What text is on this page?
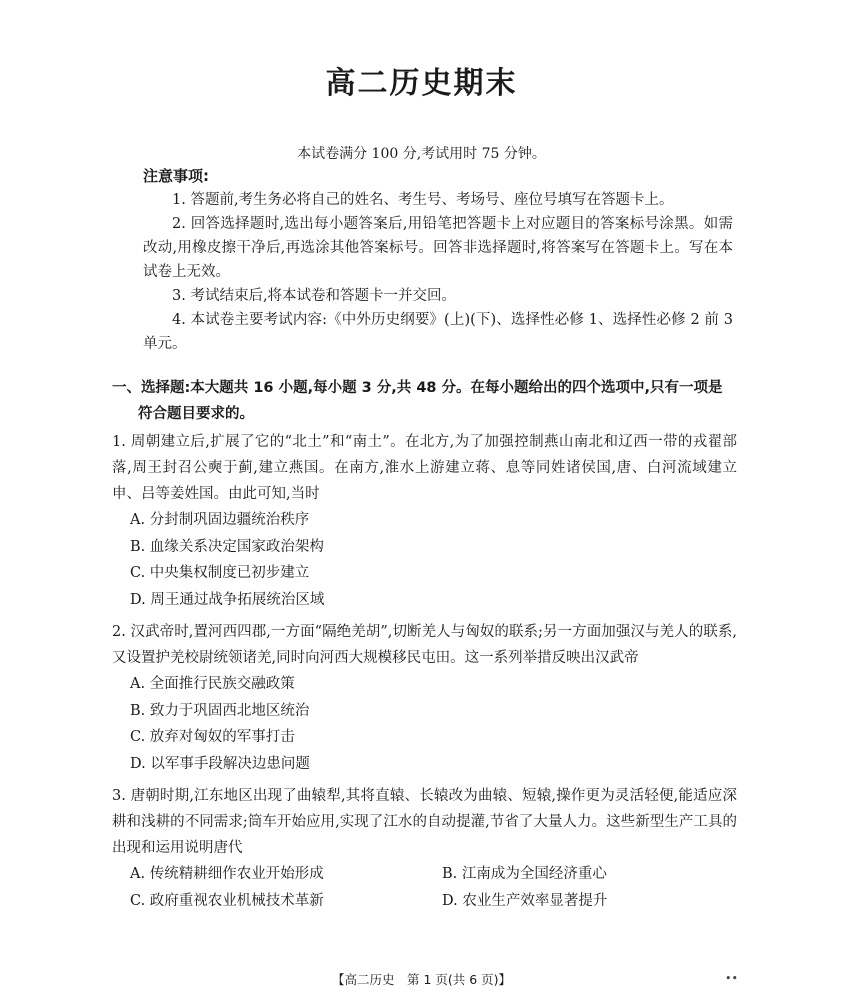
高二历史期末
本试卷满分 100 分,考试用时 75 分钟。
注意事项:
1. 答题前,考生务必将自己的姓名、考生号、考场号、座位号填写在答题卡上。
2. 回答选择题时,选出每小题答案后,用铅笔把答题卡上对应题目的答案标号涂黑。如需改动,用橡皮擦干净后,再选涂其他答案标号。回答非选择题时,将答案写在答题卡上。写在本试卷上无效。
3. 考试结束后,将本试卷和答题卡一并交回。
4. 本试卷主要考试内容:《中外历史纲要》(上)(下)、选择性必修 1、选择性必修 2 前 3 单元。
一、选择题:本大题共 16 小题,每小题 3 分,共 48 分。在每小题给出的四个选项中,只有一项是
符合题目要求的。
1. 周朝建立后,扩展了它的“北土”和“南土”。在北方,为了加强控制燕山南北和辽西一带的戎翟部落,周王封召公奭于蓟,建立燕国。在南方,淮水上游建立蒋、息等同姓诸侯国,唐、白河流域建立申、吕等姜姓国。由此可知,当时
A. 分封制巩固边疆统治秩序
B. 血缘关系决定国家政治架构
C. 中央集权制度已初步建立
D. 周王通过战争拓展统治区域
2. 汉武帝时,置河西四郡,一方面“隔绝羌胡”,切断羌人与匈奴的联系;另一方面加强汉与羌人的联系,又设置护羌校尉统领诸羌,同时向河西大规模移民屯田。这一系列举措反映出汉武帝
A. 全面推行民族交融政策
B. 致力于巩固西北地区统治
C. 放弃对匈奴的军事打击
D. 以军事手段解决边患问题
3. 唐朝时期,江东地区出现了曲辕犁,其将直辕、长辕改为曲辕、短辕,操作更为灵活轻便,能适应深耕和浅耕的不同需求;筒车开始应用,实现了江水的自动提灌,节省了大量人力。这些新型生产工具的出现和运用说明唐代
A. 传统精耕细作农业开始形成	B. 江南成为全国经济重心
C. 政府重视农业机械技术革新	D. 农业生产效率显著提升
【高二历史　第 1 页(共 6 页)】	••
